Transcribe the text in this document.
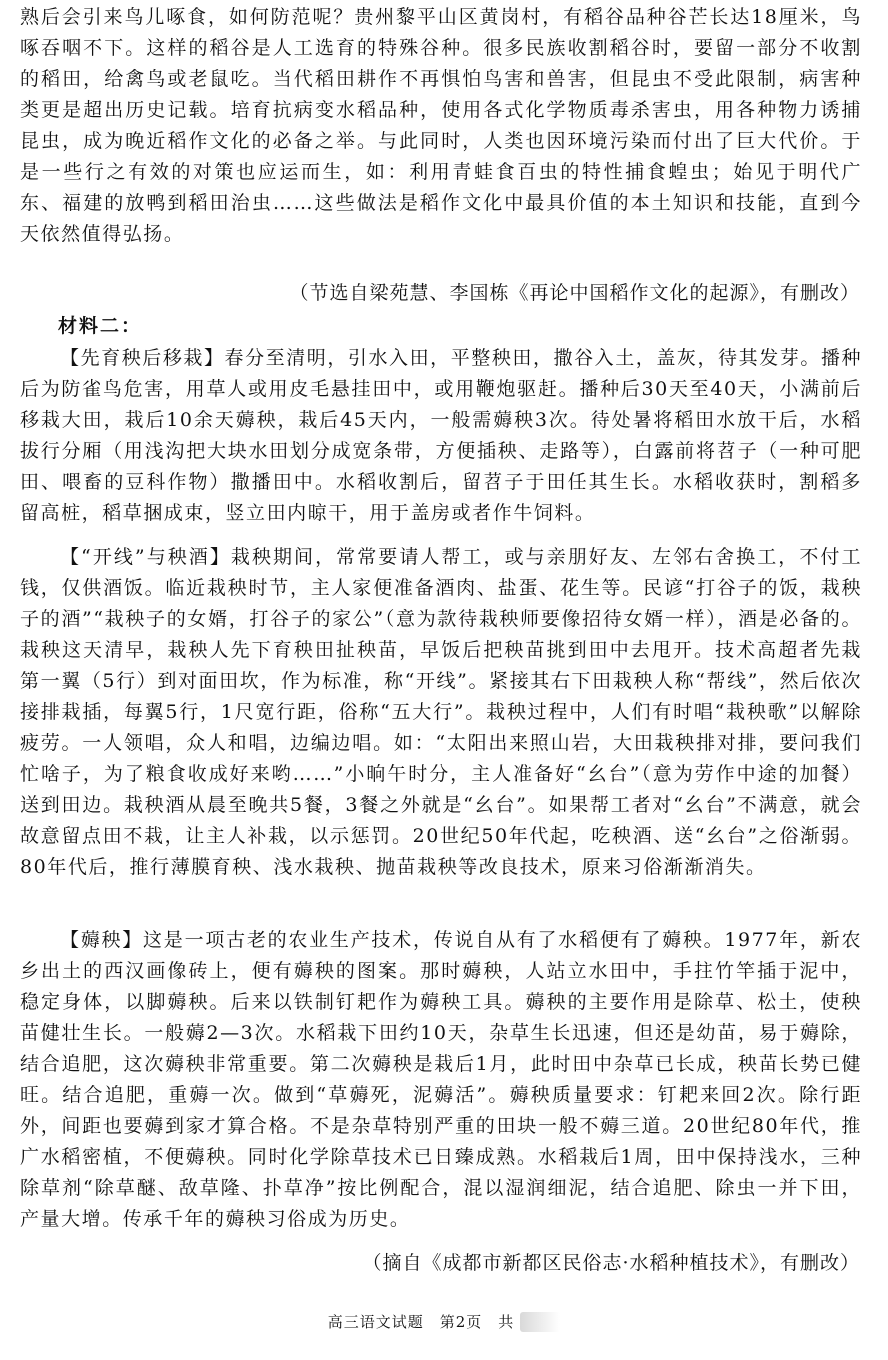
熟后会引来鸟儿啄食，如何防范呢？贵州黎平山区黄岗村，有稻谷品种谷芒长达18厘米，鸟啄吞咽不下。这样的稻谷是人工选育的特殊谷种。很多民族收割稻谷时，要留一部分不收割的稻田，给禽鸟或老鼠吃。当代稻田耕作不再惧怕鸟害和兽害，但昆虫不受此限制，病害种类更是超出历史记载。培育抗病变水稻品种，使用各式化学物质毒杀害虫，用各种物力诱捕昆虫，成为晚近稻作文化的必备之举。与此同时，人类也因环境污染而付出了巨大代价。于是一些行之有效的对策也应运而生，如：利用青蛙食百虫的特性捕食蝗虫；始见于明代广东、福建的放鸭到稻田治虫……这些做法是稻作文化中最具价值的本土知识和技能，直到今天依然值得弘扬。

（节选自梁苑慧、李国栋《再论中国稻作文化的起源》，有删改）
材料二：

【先育秧后移栽】春分至清明，引水入田，平整秧田，撒谷入土，盖灰，待其发芽。播种后为防雀鸟危害，用草人或用皮毛悬挂田中，或用鞭炮驱赶。播种后30天至40天，小满前后移栽大田，栽后10余天薅秧，栽后45天内，一般需薅秧3次。待处暑将稻田水放干后，水稻拔行分厢（用浅沟把大块水田划分成宽条带，方便插秧、走路等），白露前将苕子（一种可肥田、喂畜的豆科作物）撒播田中。水稻收割后，留苕子于田任其生长。水稻收获时，割稻多留高桩，稻草捆成束，竖立田内晾干，用于盖房或者作牛饲料。

【“开线”与秧酒】栽秧期间，常常要请人帮工，或与亲朋好友、左邻右舍换工，不付工钱，仅供酒饭。临近栽秧时节，主人家便准备酒肉、盐蛋、花生等。民谚“打谷子的饭，栽秧子的酒”“栽秧子的女婿，打谷子的家公”（意为款待栽秧师要像招待女婿一样），酒是必备的。栽秧这天清早，栽秧人先下育秧田扯秧苗，早饭后把秧苗挑到田中去甩开。技术高超者先栽第一翼（5行）到对面田坎，作为标准，称“开线”。紧接其右下田栽秧人称“帮线”，然后依次接排栽插，每翼5行，1尺宽行距，俗称“五大行”。栽秧过程中，人们有时唱“栽秧歌”以解除疲劳。一人领唱，众人和唱，边编边唱。如：“太阳出来照山岩，大田栽秧排对排，要问我们忙啥子，为了粮食收成好来哟……”小晌午时分，主人准备好“幺台”（意为劳作中途的加餐）送到田边。栽秧酒从晨至晚共5餐，3餐之外就是“幺台”。如果帮工者对“幺台”不满意，就会故意留点田不栽，让主人补栽，以示惩罚。20世纪50年代起，吃秧酒、送“幺台”之俗渐弱。80年代后，推行薄膜育秧、浅水栽秧、抛苗栽秧等改良技术，原来习俗渐渐消失。

【薅秧】这是一项古老的农业生产技术，传说自从有了水稻便有了薅秧。1977年，新农乡出土的西汉画像砖上，便有薅秧的图案。那时薅秧，人站立水田中，手拄竹竿插于泥中，稳定身体，以脚薅秧。后来以铁制钉耙作为薅秧工具。薅秧的主要作用是除草、松土，使秧苗健壮生长。一般薅2—3次。水稻栽下田约10天，杂草生长迅速，但还是幼苗，易于薅除，结合追肥，这次薅秧非常重要。第二次薅秧是栽后1月，此时田中杂草已长成，秧苗长势已健旺。结合追肥，重薅一次。做到“草薅死，泥薅活”。薅秧质量要求：钉耙来回2次。除行距外，间距也要薅到家才算合格。不是杂草特别严重的田块一般不薅三道。20世纪80年代，推广水稻密植，不便薅秧。同时化学除草技术已日臻成熟。水稻栽后1周，田中保持浅水，三种除草剂“除草醚、敌草隆、扑草净”按比例配合，混以湿润细泥，结合追肥、除虫一并下田，产量大增。传承千年的薅秧习俗成为历史。

（摘自《成都市新都区民俗志·水稻种植技术》，有删改）
高三语文试题　第2页　共
